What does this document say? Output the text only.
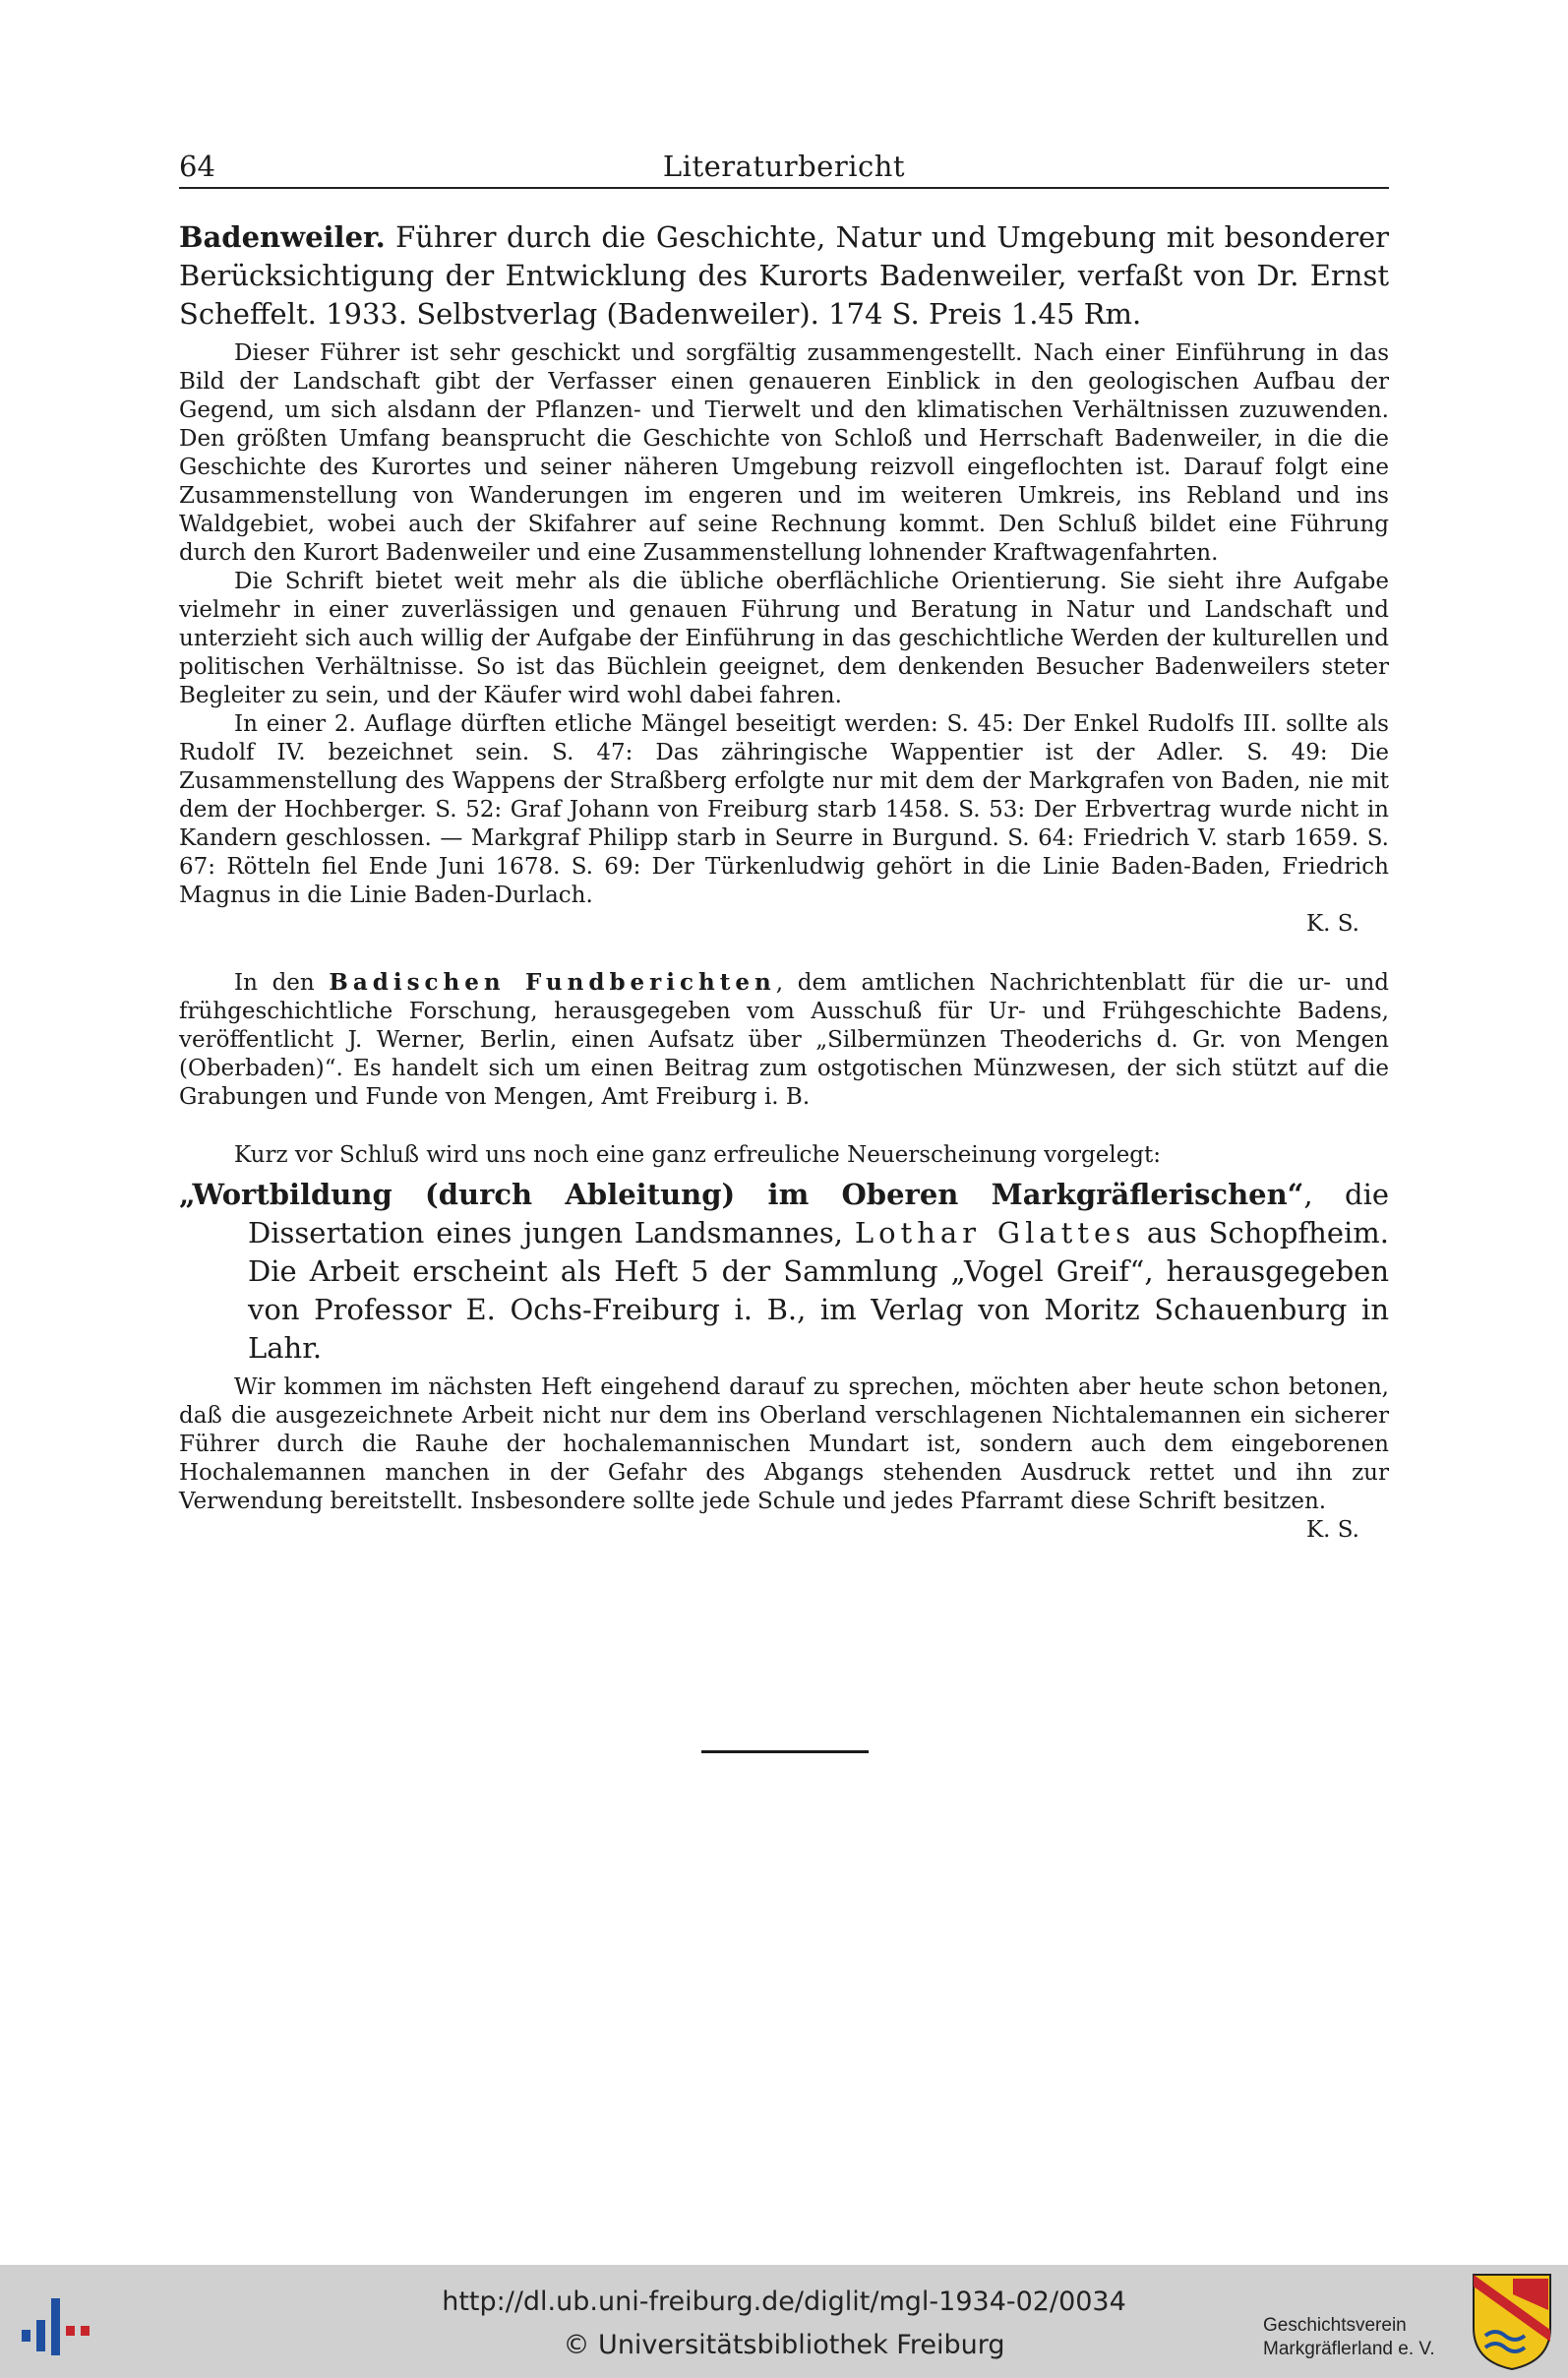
64	Literaturbericht

Badenweiler. Führer durch die Geschichte, Natur und Umgebung mit besonderer Berücksichtigung der Entwicklung des Kurorts Badenweiler, verfaßt von Dr. Ernst Scheffelt. 1933. Selbstverlag (Badenweiler). 174 S. Preis 1.45 Rm.

Dieser Führer ist sehr geschickt und sorgfältig zusammengestellt. Nach einer Einführung in das Bild der Landschaft gibt der Verfasser einen genaueren Einblick in den geologischen Aufbau der Gegend, um sich alsdann der Pflanzen- und Tierwelt und den klimatischen Verhältnissen zuzuwenden. Den größten Umfang beansprucht die Geschichte von Schloß und Herrschaft Badenweiler, in die die Geschichte des Kurortes und seiner näheren Umgebung reizvoll eingeflochten ist. Darauf folgt eine Zusammenstellung von Wanderungen im engeren und im weiteren Umkreis, ins Rebland und ins Waldgebiet, wobei auch der Skifahrer auf seine Rechnung kommt. Den Schluß bildet eine Führung durch den Kurort Badenweiler und eine Zusammenstellung lohnender Kraftwagenfahrten.

Die Schrift bietet weit mehr als die übliche oberflächliche Orientierung. Sie sieht ihre Aufgabe vielmehr in einer zuverlässigen und genauen Führung und Beratung in Natur und Landschaft und unterzieht sich auch willig der Aufgabe der Einführung in das geschichtliche Werden der kulturellen und politischen Verhältnisse. So ist das Büchlein geeignet, dem denkenden Besucher Badenweilers steter Begleiter zu sein, und der Käufer wird wohl dabei fahren.

In einer 2. Auflage dürften etliche Mängel beseitigt werden: S. 45: Der Enkel Rudolfs III. sollte als Rudolf IV. bezeichnet sein. S. 47: Das zähringische Wappentier ist der Adler. S. 49: Die Zusammenstellung des Wappens der Straßberg erfolgte nur mit dem der Markgrafen von Baden, nie mit dem der Hochberger. S. 52: Graf Johann von Freiburg starb 1458. S. 53: Der Erbvertrag wurde nicht in Kandern geschlossen. — Markgraf Philipp starb in Seurre in Burgund. S. 64: Friedrich V. starb 1659. S. 67: Rötteln fiel Ende Juni 1678. S. 69: Der Türkenludwig gehört in die Linie Baden-Baden, Friedrich Magnus in die Linie Baden-Durlach.

K. S.

In den Badischen Fundberichten, dem amtlichen Nachrichtenblatt für die ur- und frühgeschichtliche Forschung, herausgegeben vom Ausschuß für Ur- und Frühgeschichte Badens, veröffentlicht J. Werner, Berlin, einen Aufsatz über „Silbermünzen Theoderichs d. Gr. von Mengen (Oberbaden)“. Es handelt sich um einen Beitrag zum ostgotischen Münzwesen, der sich stützt auf die Grabungen und Funde von Mengen, Amt Freiburg i. B.

Kurz vor Schluß wird uns noch eine ganz erfreuliche Neuerscheinung vorgelegt:

„Wortbildung (durch Ableitung) im Oberen Markgräflerischen“, die Dissertation eines jungen Landsmannes, Lothar Glattes aus Schopfheim. Die Arbeit erscheint als Heft 5 der Sammlung „Vogel Greif“, herausgegeben von Professor E. Ochs-Freiburg i. B., im Verlag von Moritz Schauenburg in Lahr.

Wir kommen im nächsten Heft eingehend darauf zu sprechen, möchten aber heute schon betonen, daß die ausgezeichnete Arbeit nicht nur dem ins Oberland verschlagenen Nichtalemannen ein sicherer Führer durch die Rauhe der hochalemannischen Mundart ist, sondern auch dem eingeborenen Hochalemannen manchen in der Gefahr des Abgangs stehenden Ausdruck rettet und ihn zur Verwendung bereitstellt. Insbesondere sollte jede Schule und jedes Pfarramt diese Schrift besitzen.

K. S.
http://dl.ub.uni-freiburg.de/diglit/mgl-1934-02/0034
© Universitätsbibliothek Freiburg
Geschichtsverein
Markgräflerland e. V.
